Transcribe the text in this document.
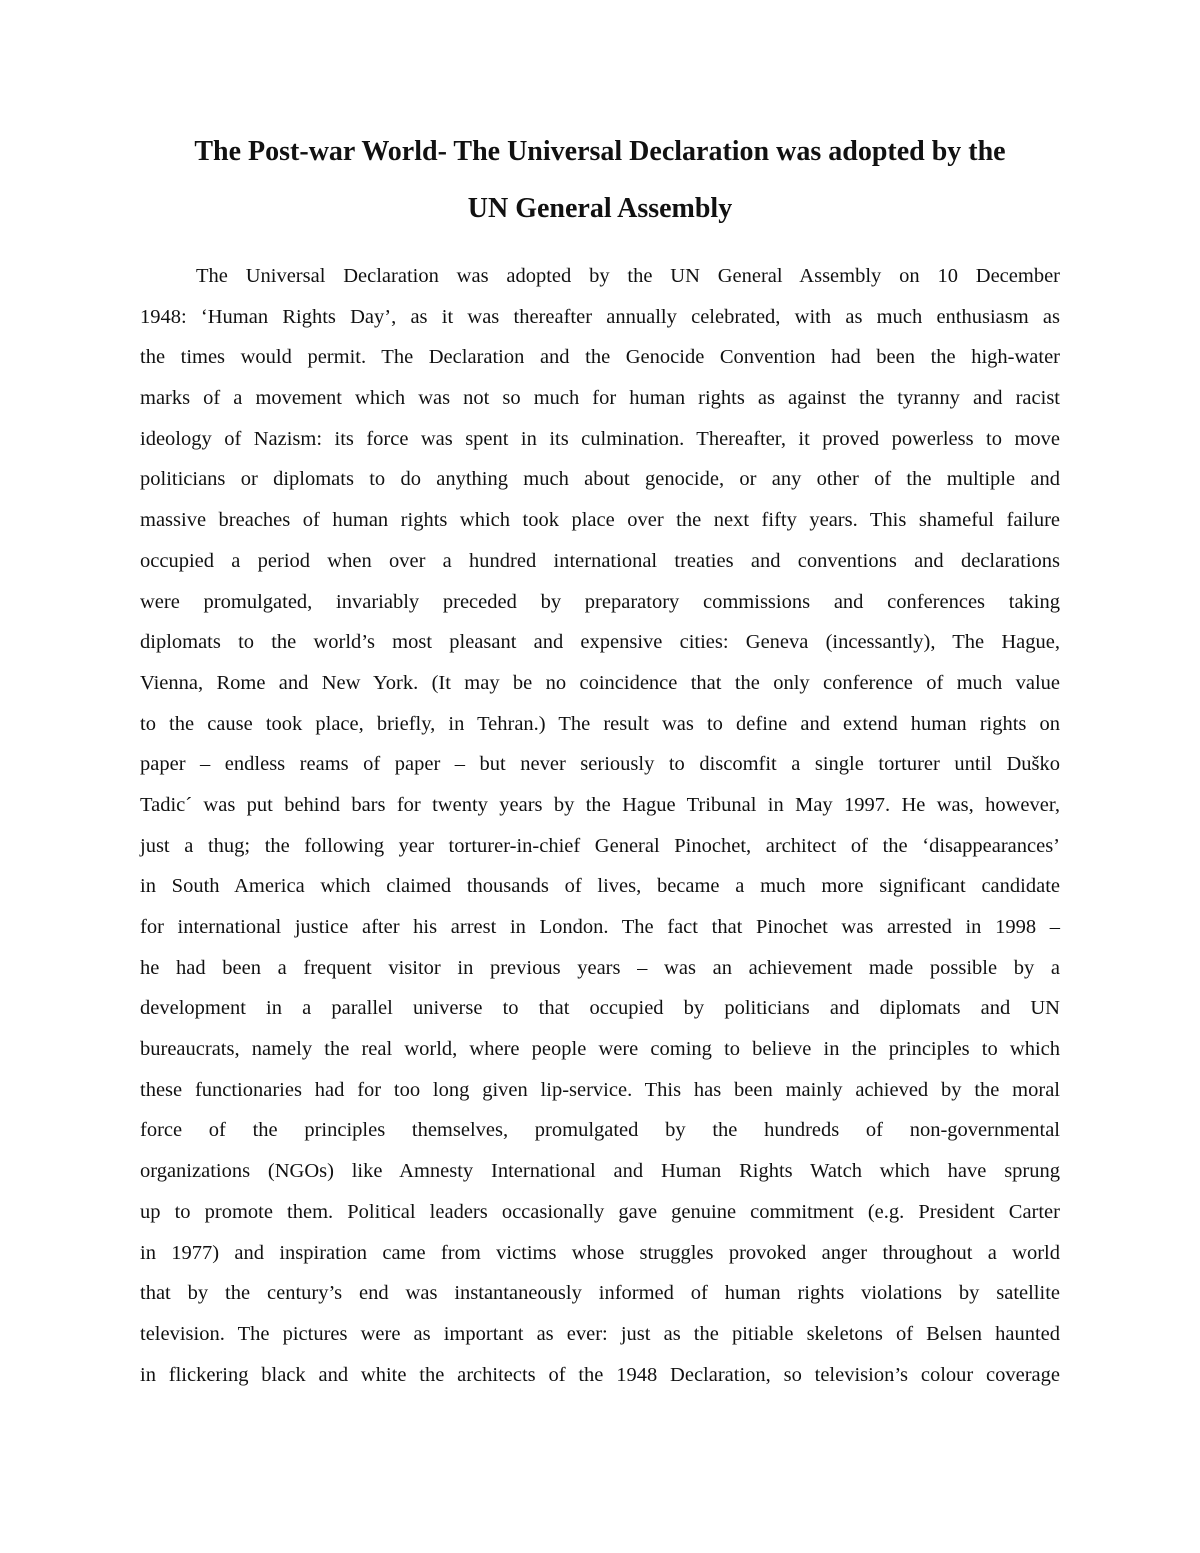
The Post-war World- The Universal Declaration was adopted by the
UN General Assembly
The Universal Declaration was adopted by the UN General Assembly on 10 December
1948: ‘Human Rights Day’, as it was thereafter annually celebrated, with as much enthusiasm as
the times would permit. The Declaration and the Genocide Convention had been the high-water
marks of a movement which was not so much for human rights as against the tyranny and racist
ideology of Nazism: its force was spent in its culmination. Thereafter, it proved powerless to move
politicians or diplomats to do anything much about genocide, or any other of the multiple and
massive breaches of human rights which took place over the next fifty years. This shameful failure
occupied a period when over a hundred international treaties and conventions and declarations
were promulgated, invariably preceded by preparatory commissions and conferences taking
diplomats to the world’s most pleasant and expensive cities: Geneva (incessantly), The Hague,
Vienna, Rome and New York. (It may be no coincidence that the only conference of much value
to the cause took place, briefly, in Tehran.) The result was to define and extend human rights on
paper – endless reams of paper – but never seriously to discomfit a single torturer until Duško
Tadic´ was put behind bars for twenty years by the Hague Tribunal in May 1997. He was, however,
just a thug; the following year torturer-in-chief General Pinochet, architect of the ‘disappearances’
in South America which claimed thousands of lives, became a much more significant candidate
for international justice after his arrest in London. The fact that Pinochet was arrested in 1998 –
he had been a frequent visitor in previous years – was an achievement made possible by a
development in a parallel universe to that occupied by politicians and diplomats and UN
bureaucrats, namely the real world, where people were coming to believe in the principles to which
these functionaries had for too long given lip-service. This has been mainly achieved by the moral
force of the principles themselves, promulgated by the hundreds of non-governmental
organizations (NGOs) like Amnesty International and Human Rights Watch which have sprung
up to promote them. Political leaders occasionally gave genuine commitment (e.g. President Carter
in 1977) and inspiration came from victims whose struggles provoked anger throughout a world
that by the century’s end was instantaneously informed of human rights violations by satellite
television. The pictures were as important as ever: just as the pitiable skeletons of Belsen haunted
in flickering black and white the architects of the 1948 Declaration, so television’s colour coverage
